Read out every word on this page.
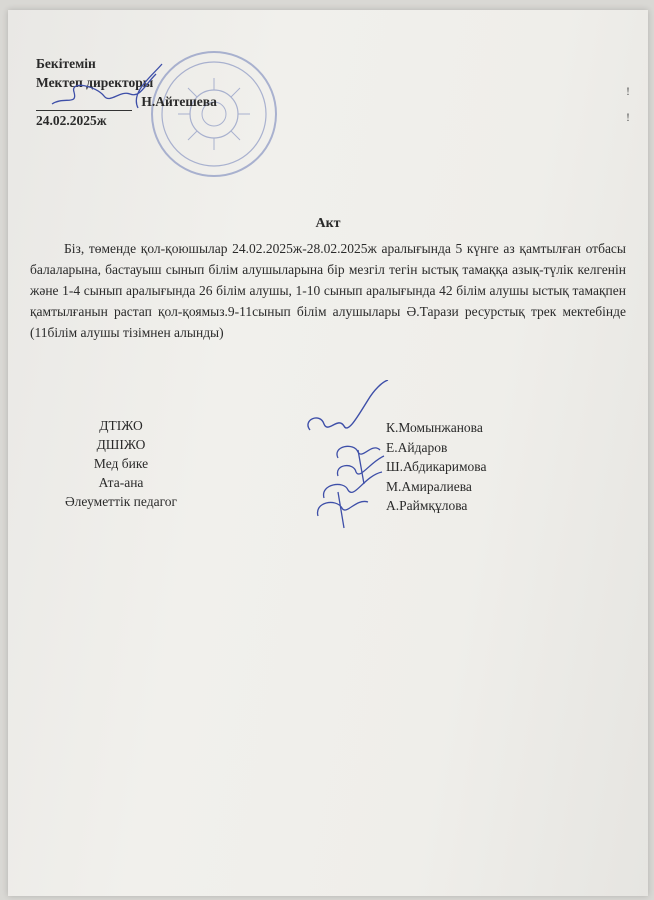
Бекітемін
Мектеп директоры
Н.Айтешева
24.02.2025ж
!
!
Акт
Біз, төменде қол-қоюшылар 24.02.2025ж-28.02.2025ж аралығында 5 күнге аз қамтылған отбасы балаларына, бастауыш сынып білім алушыларына бір мезгіл тегін ыстық тамаққа азық-түлік келгенін және 1-4 сынып аралығында 26 білім алушы, 1-10 сынып аралығында 42 білім алушы ыстық тамақпен қамтылғанын растап қол-қоямыз.9-11сынып білім алушылары Ә.Тарази ресурстық трек мектебінде (11білім алушы тізімнен алынды)
ДТІЖО
ДШІЖО
Мед бике
Ата-ана
Әлеуметтік педагог
К.Момынжанова
Е.Айдаров
Ш.Абдикаримова
М.Амиралиева
А.Раймқұлова
